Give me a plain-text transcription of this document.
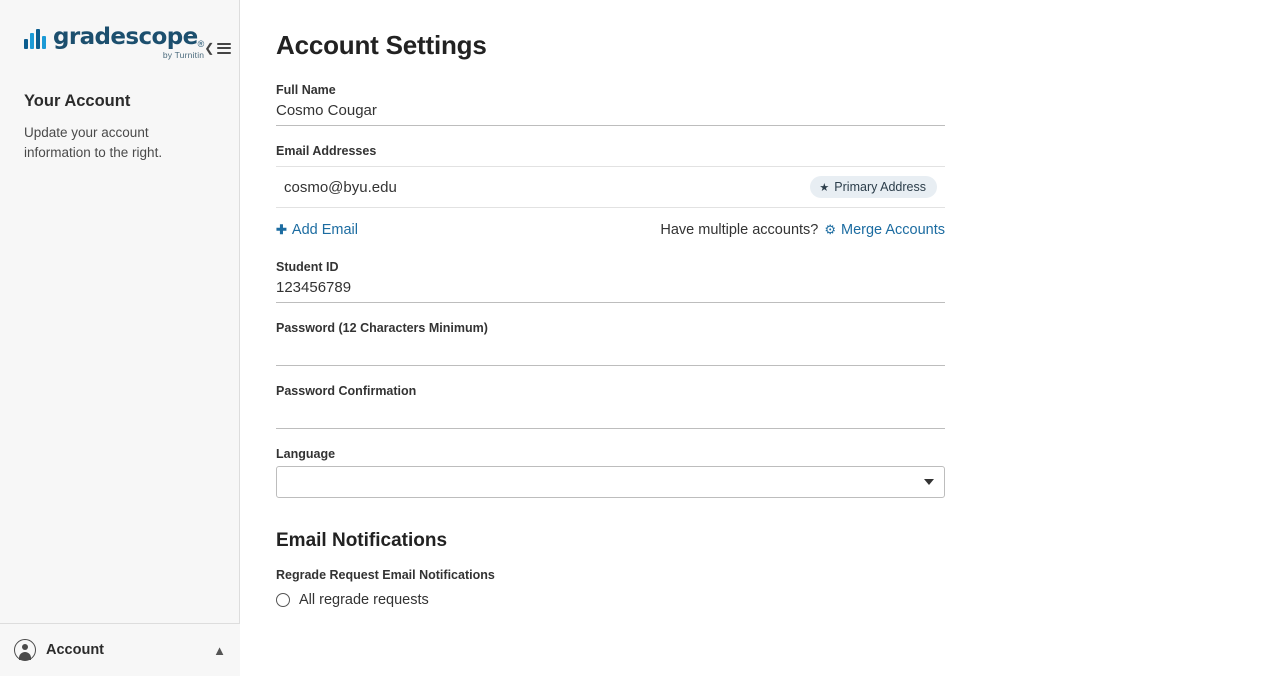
gradescope ®
by Turnitin ❮
Your Account
Update your account information to the right.
Account	▲
Account Settings
Full Name
Cosmo Cougar
Email Addresses
cosmo@byu.edu	★ Primary Address
✚ Add Email	Have multiple accounts? ⚙ Merge Accounts
Student ID
123456789
Password (12 Characters Minimum)
Password Confirmation
Language
Email Notifications
Regrade Request Email Notifications
All regrade requests
